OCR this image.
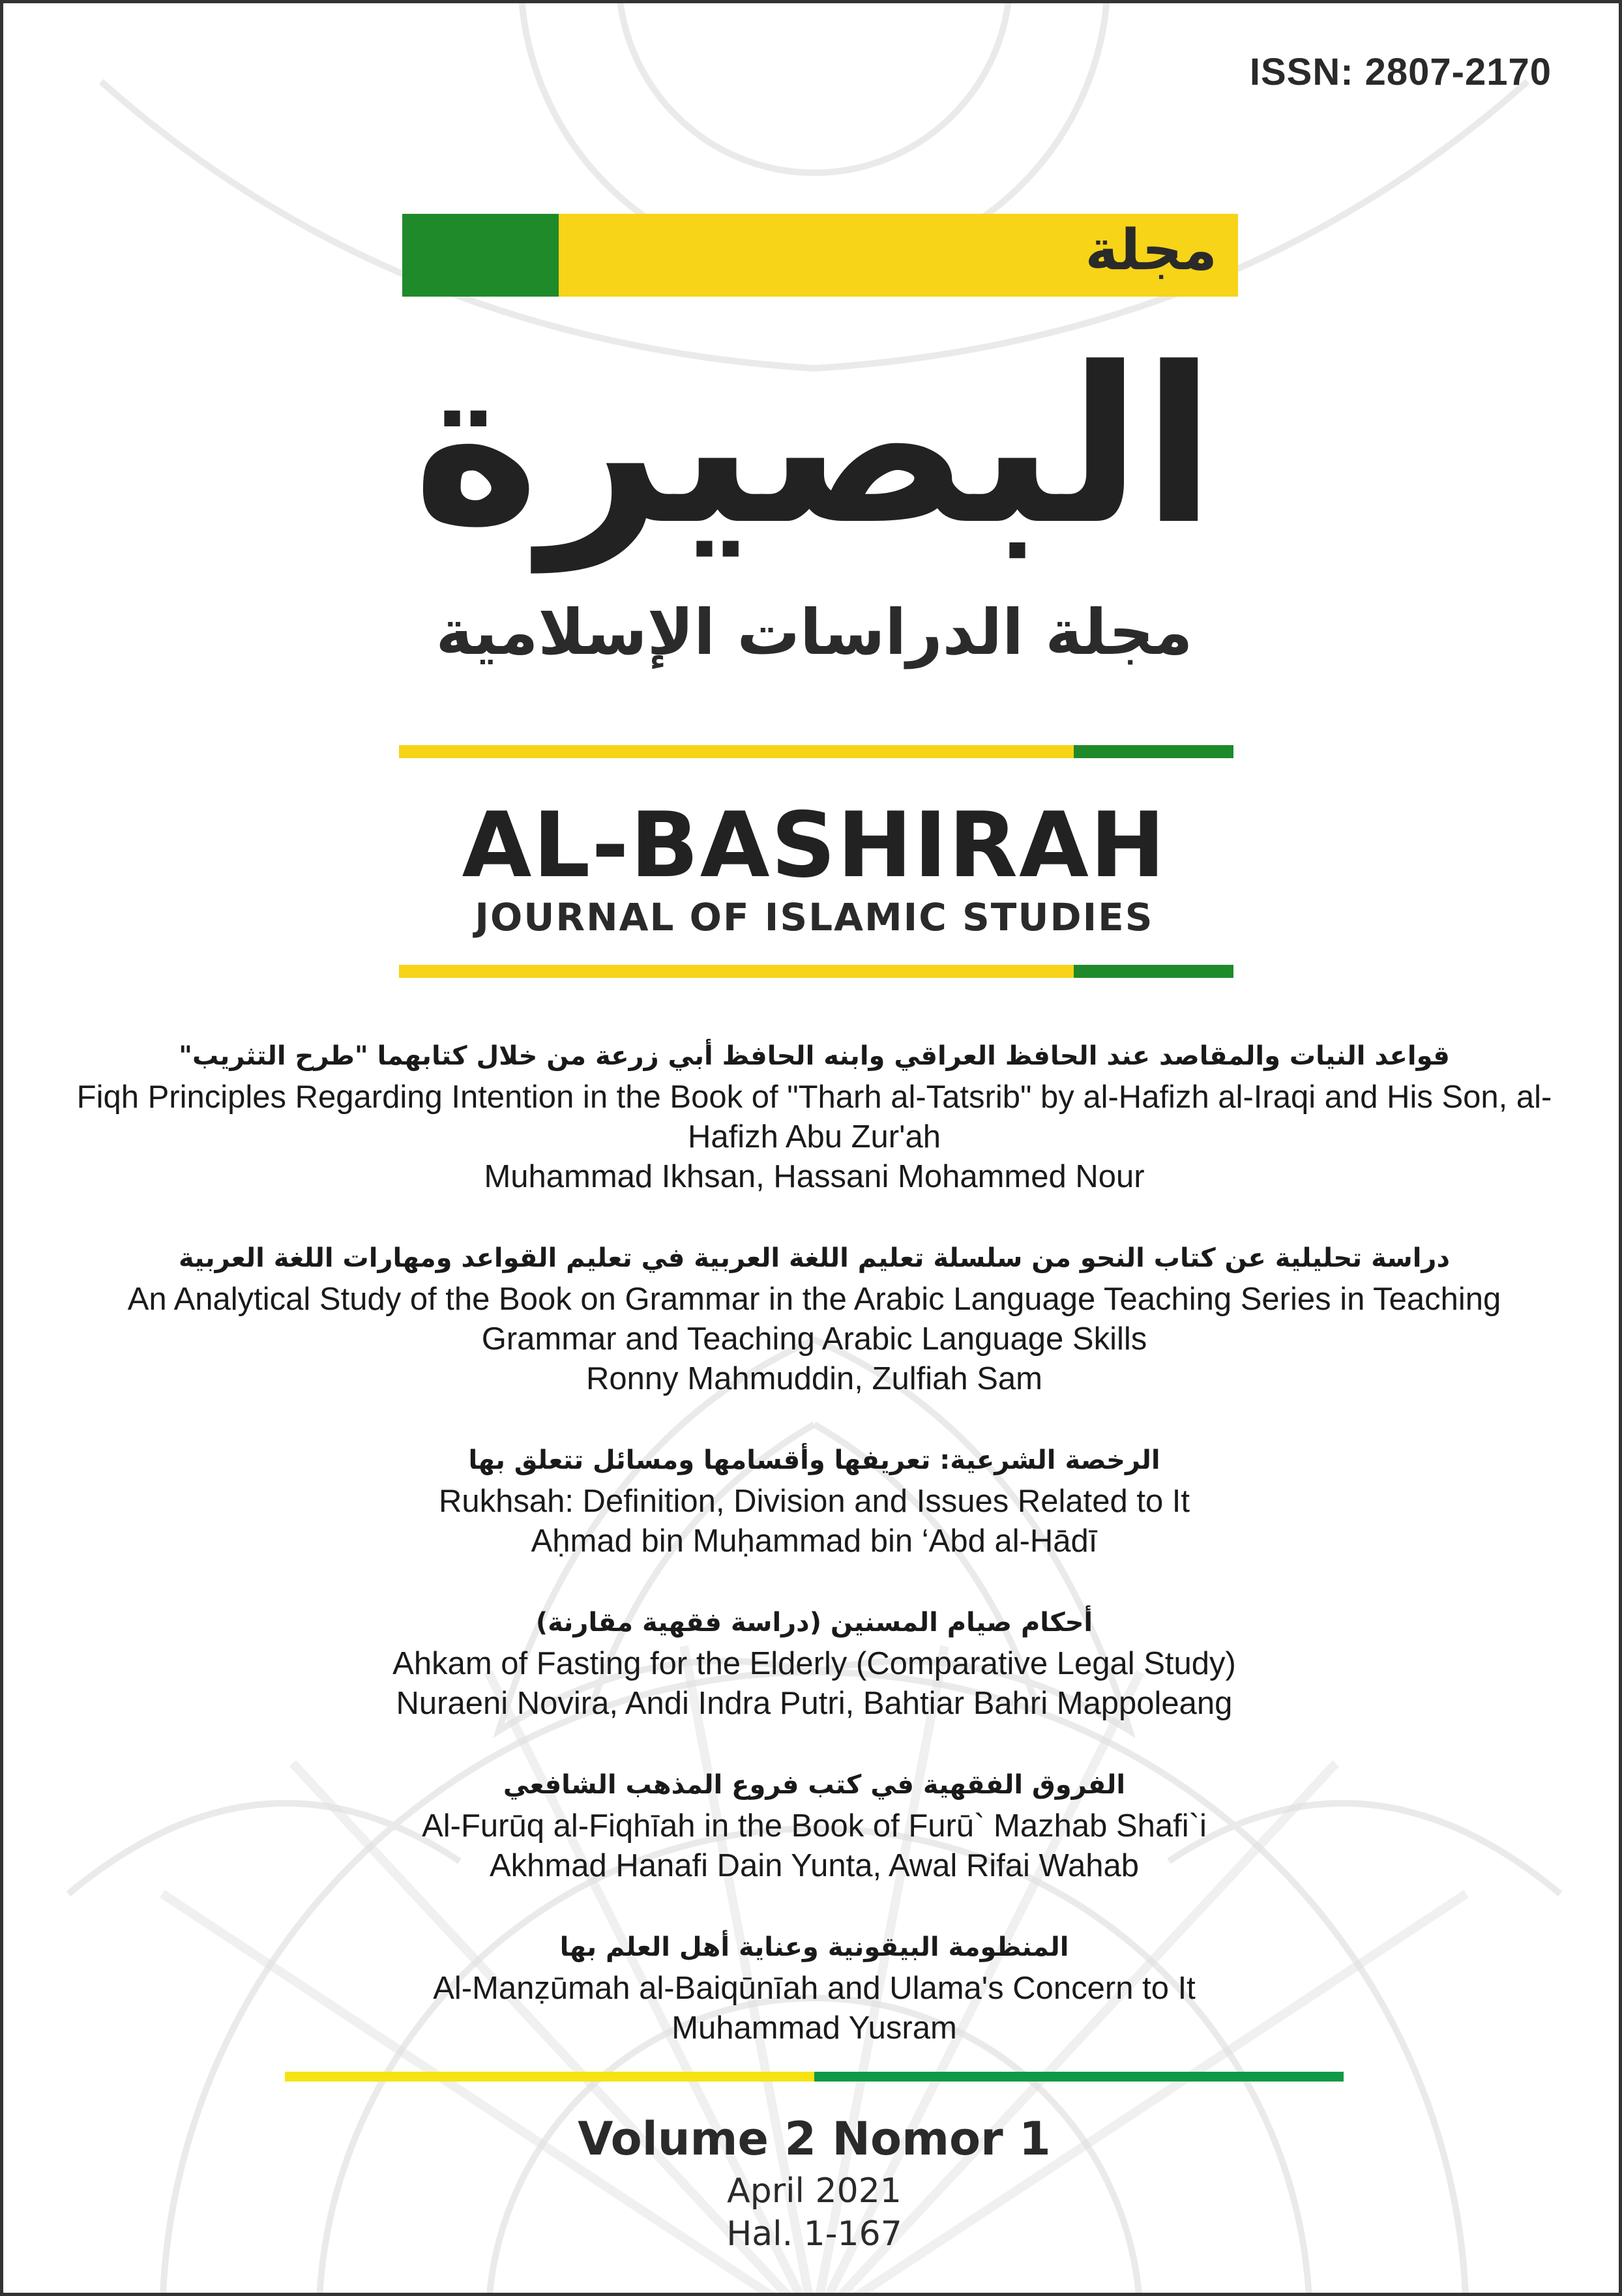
ISSN: 2807-2170
مجلة
البصيرة
مجلة الدراسات الإسلامية
AL-BASHIRAH
JOURNAL OF ISLAMIC STUDIES
قواعد النيات والمقاصد عند الحافظ العراقي وابنه الحافظ أبي زرعة من خلال كتابهما "طرح التثريب"
Fiqh Principles Regarding Intention in the Book of "Tharh al-Tatsrib" by al-Hafizh al-Iraqi and His Son, al-Hafizh Abu Zur'ah
Muhammad Ikhsan, Hassani Mohammed Nour
دراسة تحليلية عن كتاب النحو من سلسلة تعليم اللغة العربية في تعليم القواعد ومهارات اللغة العربية
An Analytical Study of the Book on Grammar in the Arabic Language Teaching Series in Teaching Grammar and Teaching Arabic Language Skills
Ronny Mahmuddin, Zulfiah Sam
الرخصة الشرعية: تعريفها وأقسامها ومسائل تتعلق بها
Rukhsah: Definition, Division and Issues Related to It
Aḥmad bin Muḥammad bin ‘Abd al-Hādī
أحكام صيام المسنين (دراسة فقهية مقارنة)
Ahkam of Fasting for the Elderly (Comparative Legal Study)
Nuraeni Novira, Andi Indra Putri, Bahtiar Bahri Mappoleang
الفروق الفقهية في كتب فروع المذهب الشافعي
Al-Furūq al-Fiqhīah in the Book of Furū` Mazhab Shafi`i
Akhmad Hanafi Dain Yunta, Awal Rifai Wahab
المنظومة البيقونية وعناية أهل العلم بها
Al-Manẓūmah al-Baiqūnīah and Ulama's Concern to It
Muhammad Yusram
Volume 2 Nomor 1
April 2021
Hal. 1-167
